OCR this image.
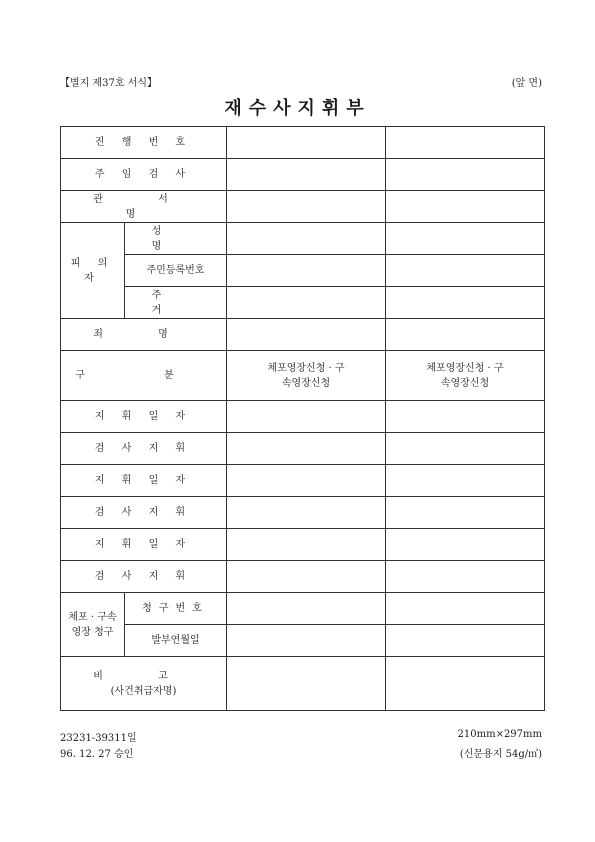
【별지 제37호 서식】	(앞 면)
재수사지휘부
진 행 번 호			
주 임 검 사			
관 서 명			
피 의 자	성 명		
	주민등록번호		
	주 거		
죄 명			
구 분		체포영장신청 · 구속영장신청	체포영장신청 · 구속영장신청
지 휘 일 자			
검 사 지 휘			
지 휘 일 자			
검 사 지 휘			
지 휘 일 자			
검 사 지 휘			
체포 · 구속 영장 청구	청구번호		
	발부연월일		

비 고
(사건취급자명)			

23231-39311일
96. 12. 27 승인
210mm×297mm
(신문용지 54g/㎡)
